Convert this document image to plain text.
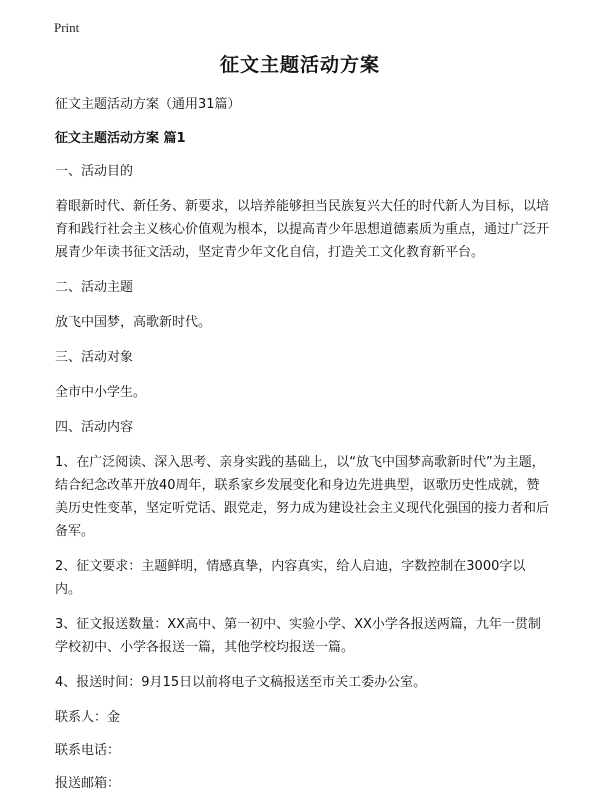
Print
征文主题活动方案

征文主题活动方案（通用31篇）

征文主题活动方案 篇1

一、活动目的

着眼新时代、新任务、新要求，以培养能够担当民族复兴大任的时代新人为目标，以培育和践行社会主义核心价值观为根本，以提高青少年思想道德素质为重点，通过广泛开展青少年读书征文活动，坚定青少年文化自信，打造关工文化教育新平台。

二、活动主题

放飞中国梦，高歌新时代。

三、活动对象

全市中小学生。

四、活动内容

1、在广泛阅读、深入思考、亲身实践的基础上，以“放飞中国梦高歌新时代”为主题，结合纪念改革开放40周年，联系家乡发展变化和身边先进典型，讴歌历史性成就，赞美历史性变革，坚定听党话、跟党走，努力成为建设社会主义现代化强国的接力者和后备军。

2、征文要求：主题鲜明，情感真挚，内容真实，给人启迪，字数控制在3000字以内。

3、征文报送数量：XX高中、第一初中、实验小学、XX小学各报送两篇，九年一贯制学校初中、小学各报送一篇，其他学校均报送一篇。

4、报送时间：9月15日以前将电子文稿报送至市关工委办公室。

联系人：金

联系电话：

报送邮箱：
